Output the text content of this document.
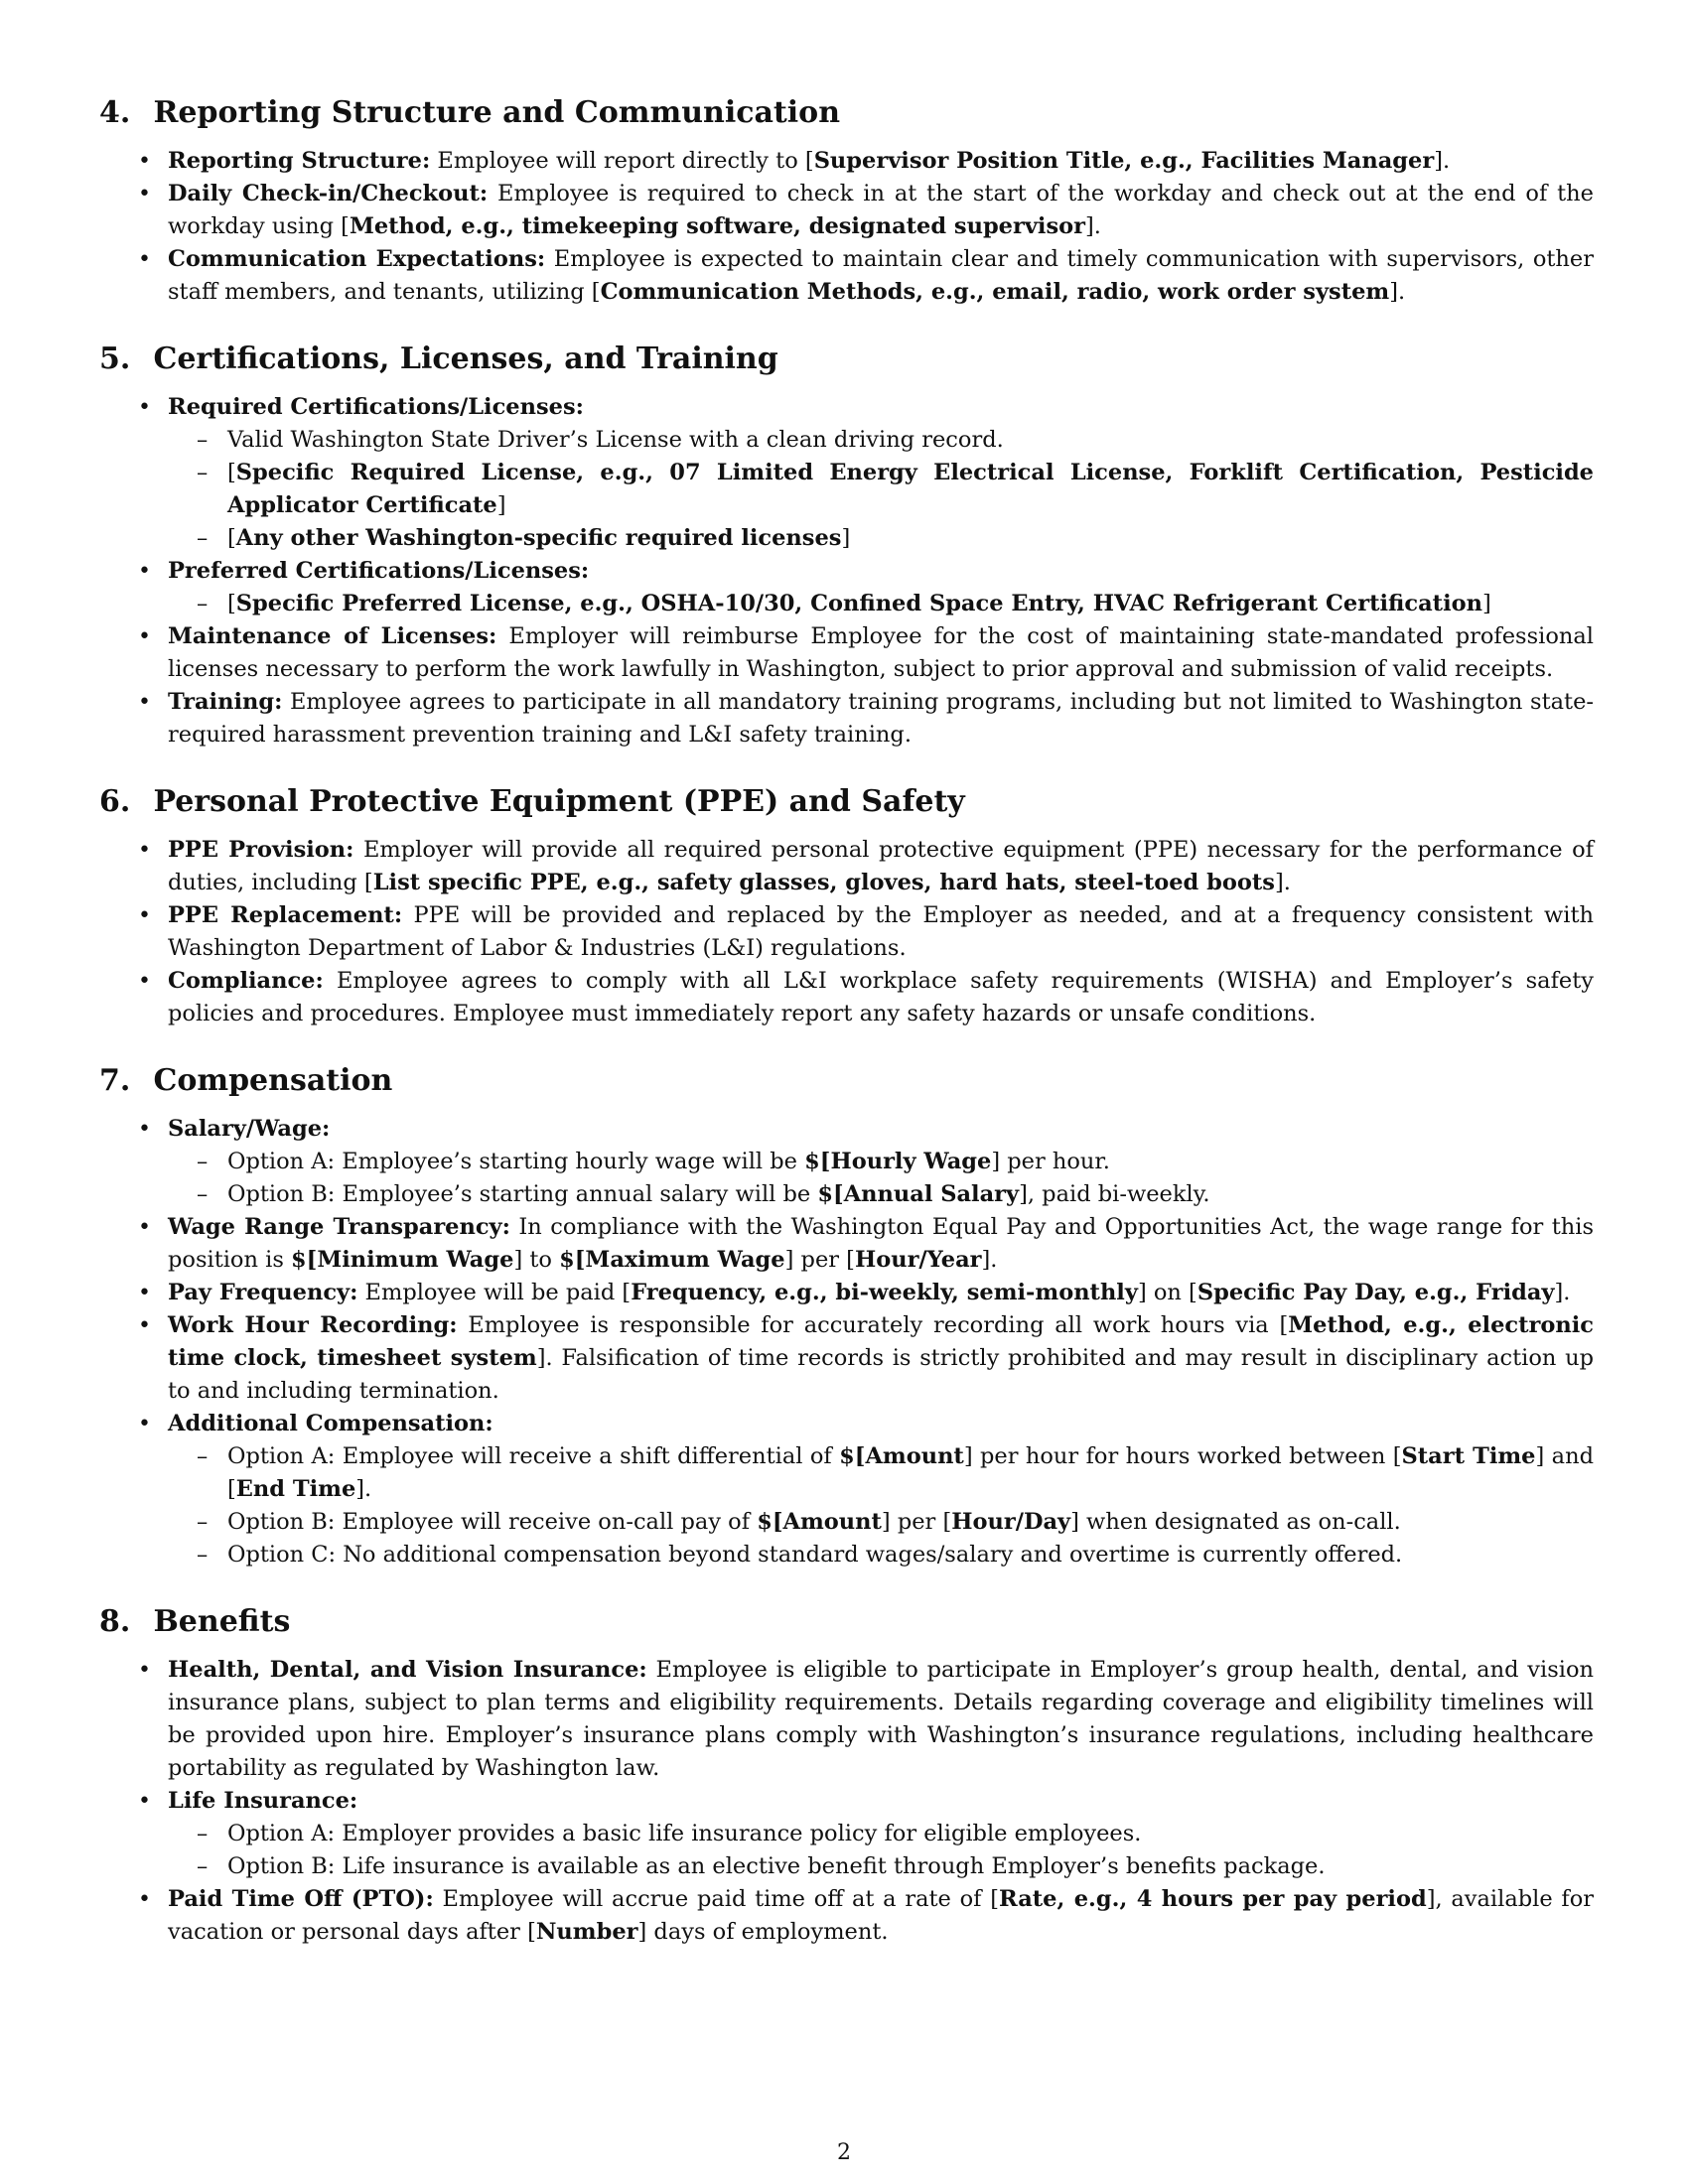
4. Reporting Structure and Communication
• Reporting Structure: Employee will report directly to [Supervisor Position Title, e.g., Facilities Manager].
• Daily Check-in/Checkout: Employee is required to check in at the start of the workday and check out at the end of the workday using [Method, e.g., timekeeping software, designated supervisor].
• Communication Expectations: Employee is expected to maintain clear and timely communication with supervisors, other staff members, and tenants, utilizing [Communication Methods, e.g., email, radio, work order system].
5. Certifications, Licenses, and Training
• Required Certifications/Licenses:
– Valid Washington State Driver’s License with a clean driving record.
– [Specific Required License, e.g., 07 Limited Energy Electrical License, Forklift Certification, Pesticide Applicator Certificate]
– [Any other Washington-specific required licenses]
• Preferred Certifications/Licenses:
– [Specific Preferred License, e.g., OSHA-10/30, Confined Space Entry, HVAC Refrigerant Certification]
• Maintenance of Licenses: Employer will reimburse Employee for the cost of maintaining state-mandated professional licenses necessary to perform the work lawfully in Washington, subject to prior approval and submission of valid receipts.
• Training: Employee agrees to participate in all mandatory training programs, including but not limited to Washington state-required harassment prevention training and L&I safety training.
6. Personal Protective Equipment (PPE) and Safety
• PPE Provision: Employer will provide all required personal protective equipment (PPE) necessary for the performance of duties, including [List specific PPE, e.g., safety glasses, gloves, hard hats, steel-toed boots].
• PPE Replacement: PPE will be provided and replaced by the Employer as needed, and at a frequency consistent with Washington Department of Labor & Industries (L&I) regulations.
• Compliance: Employee agrees to comply with all L&I workplace safety requirements (WISHA) and Employer’s safety policies and procedures. Employee must immediately report any safety hazards or unsafe conditions.
7. Compensation
• Salary/Wage:
– Option A: Employee’s starting hourly wage will be $[Hourly Wage] per hour.
– Option B: Employee’s starting annual salary will be $[Annual Salary], paid bi-weekly.
• Wage Range Transparency: In compliance with the Washington Equal Pay and Opportunities Act, the wage range for this position is $[Minimum Wage] to $[Maximum Wage] per [Hour/Year].
• Pay Frequency: Employee will be paid [Frequency, e.g., bi-weekly, semi-monthly] on [Specific Pay Day, e.g., Friday].
• Work Hour Recording: Employee is responsible for accurately recording all work hours via [Method, e.g., electronic time clock, timesheet system]. Falsification of time records is strictly prohibited and may result in disciplinary action up to and including termination.
• Additional Compensation:
– Option A: Employee will receive a shift differential of $[Amount] per hour for hours worked between [Start Time] and [End Time].
– Option B: Employee will receive on-call pay of $[Amount] per [Hour/Day] when designated as on-call.
– Option C: No additional compensation beyond standard wages/salary and overtime is currently offered.
8. Benefits
• Health, Dental, and Vision Insurance: Employee is eligible to participate in Employer’s group health, dental, and vision insurance plans, subject to plan terms and eligibility requirements. Details regarding coverage and eligibility timelines will be provided upon hire. Employer’s insurance plans comply with Washington’s insurance regulations, including healthcare portability as regulated by Washington law.
• Life Insurance:
– Option A: Employer provides a basic life insurance policy for eligible employees.
– Option B: Life insurance is available as an elective benefit through Employer’s benefits package.
• Paid Time Off (PTO): Employee will accrue paid time off at a rate of [Rate, e.g., 4 hours per pay period], available for vacation or personal days after [Number] days of employment.
2
